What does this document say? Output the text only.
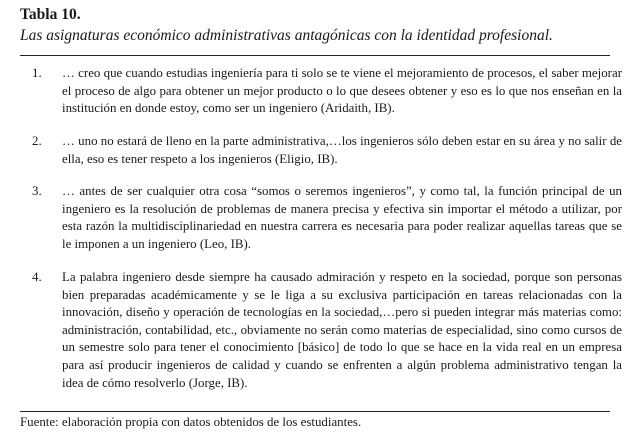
Tabla 10.
Las asignaturas económico administrativas antagónicas con la identidad profesional.
1.	… creo que cuando estudias ingeniería para ti solo se te viene el mejoramiento de procesos, el saber mejorar el proceso de algo para obtener un mejor producto o lo que desees obtener y eso es lo que nos enseñan en la institución en donde estoy, como ser un ingeniero (Aridaith, IB).
2.	… uno no estará de lleno en la parte administrativa,…los ingenieros sólo deben estar en su área y no salir de ella, eso es tener respeto a los ingenieros (Eligio, IB).
3.	… antes de ser cualquier otra cosa “somos o seremos ingenieros”, y como tal, la función principal de un ingeniero es la resolución de problemas de manera precisa y efectiva sin importar el método a utilizar, por esta razón la multidisciplinariedad en nuestra carrera es necesaria para poder realizar aquellas tareas que se le imponen a un ingeniero (Leo, IB).
4.	La palabra ingeniero desde siempre ha causado admiración y respeto en la sociedad, porque son personas bien preparadas académicamente y se le liga a su exclusiva participación en tareas relacionadas con la innovación, diseño y operación de tecnologías en la sociedad,…pero si pueden integrar más materias como: administración, contabilidad, etc., obviamente no serán como materias de especialidad, sino como cursos de un semestre solo para tener el conocimiento [básico] de todo lo que se hace en la vida real en un empresa para así producir ingenieros de calidad y cuando se enfrenten a algún problema administrativo tengan la idea de cómo resolverlo (Jorge, IB).
Fuente: elaboración propia con datos obtenidos de los estudiantes.
